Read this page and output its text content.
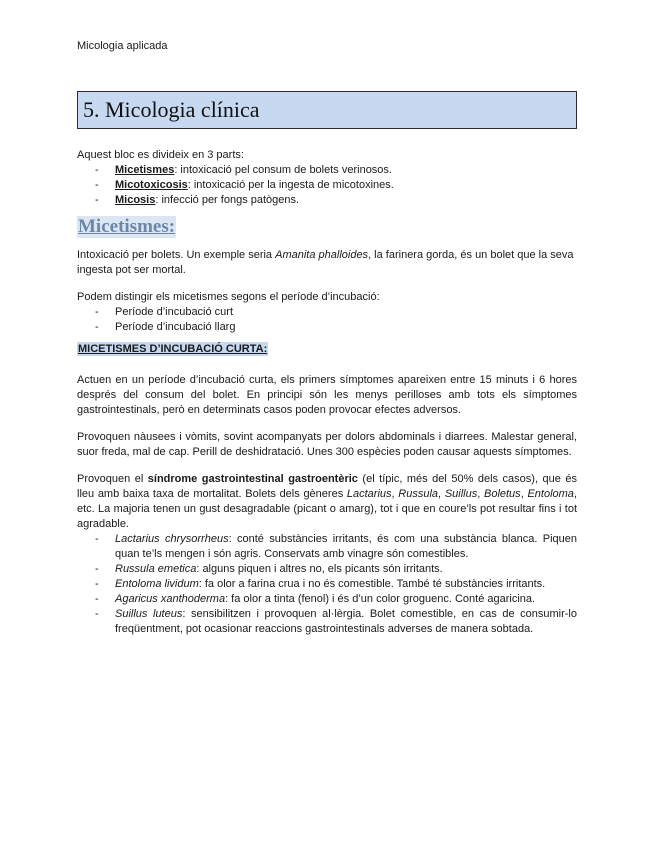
Micologia aplicada
5. Micologia clínica

Aquest bloc es divideix en 3 parts:

- Micetismes: intoxicació pel consum de bolets verinosos.
- Micotoxicosis: intoxicació per la ingesta de micotoxines.
- Micosis: infecció per fongs patògens.
Micetismes:

Intoxicació per bolets. Un exemple seria Amanita phalloides, la farinera gorda, és un bolet que la seva ingesta pot ser mortal.

Podem distingir els micetismes segons el període d’incubació:

- Període d’incubació curt
- Període d’incubació llarg
MICETISMES D’INCUBACIÓ CURTA:

Actuen en un període d’incubació curta, els primers símptomes apareixen entre 15 minuts i 6 hores després del consum del bolet. En principi són les menys perilloses amb tots els símptomes gastrointestinals, però en determinats casos poden provocar efectes adversos.

Provoquen nàusees i vòmits, sovint acompanyats per dolors abdominals i diarrees. Malestar general, suor freda, mal de cap. Perill de deshidratació. Unes 300 espècies poden causar aquests símptomes.

Provoquen el síndrome gastrointestinal gastroentèric (el típic, més del 50% dels casos), que és lleu amb baixa taxa de mortalitat. Bolets dels gèneres Lactarius, Russula, Suillus, Boletus, Entoloma, etc. La majoria tenen un gust desagradable (picant o amarg), tot i que en coure’ls pot resultar fins i tot agradable.

- Lactarius chrysorrheus: conté substàncies irritants, és com una substància blanca. Piquen quan te’ls mengen i són agris. Conservats amb vinagre són comestibles.
- Russula emetica: alguns piquen i altres no, els picants són irritants.
- Entoloma lividum: fa olor a farina crua i no és comestible. També té substàncies irritants.
- Agaricus xanthoderma: fa olor a tinta (fenol) i és d’un color groguenc. Conté agaricina.
- Suillus luteus: sensibilitzen i provoquen al·lèrgia. Bolet comestible, en cas de consumir-lo freqüentment, pot ocasionar reaccions gastrointestinals adverses de manera sobtada.
